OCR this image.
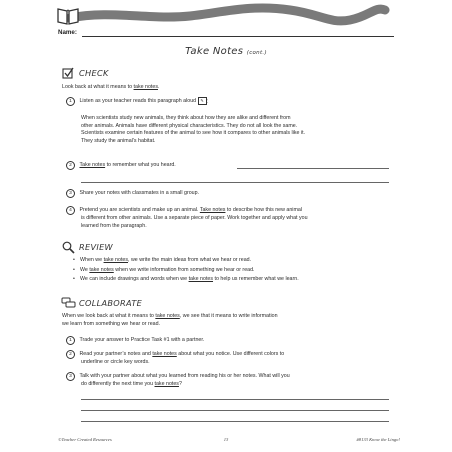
Name:
Take Notes (cont.)
CHECK
Look back at what it means to take notes.
1 Listen as your teacher reads this paragraph aloud ✎ :
When scientists study new animals, they think about how they are alike and different from
other animals. Animals have different physical characteristics. They do not all look the same.
Scientists examine certain features of the animal to see how it compares to other animals like it.
They study the animal’s habitat.
2 Take notes to remember what you heard.
3 Share your notes with classmates in a small group.
4 Pretend you are scientists and make up an animal. Take notes to describe how this new animal
is different from other animals. Use a separate piece of paper. Work together and apply what you
learned from the paragraph.
REVIEW
• When we take notes, we write the main ideas from what we hear or read.
• We take notes when we write information from something we hear or read.
• We can include drawings and words when we take notes to help us remember what we learn.
COLLABORATE
When we look back at what it means to take notes, we see that it means to write information
we learn from something we hear or read.
1 Trade your answer to Practice Task #1 with a partner.
2 Read your partner’s notes and take notes about what you notice. Use different colors to
underline or circle key words.
3 Talk with your partner about what you learned from reading his or her notes. What will you
do differently the next time you take notes?
©Teacher Created Resources	13	#8133 Know the Lingo!
